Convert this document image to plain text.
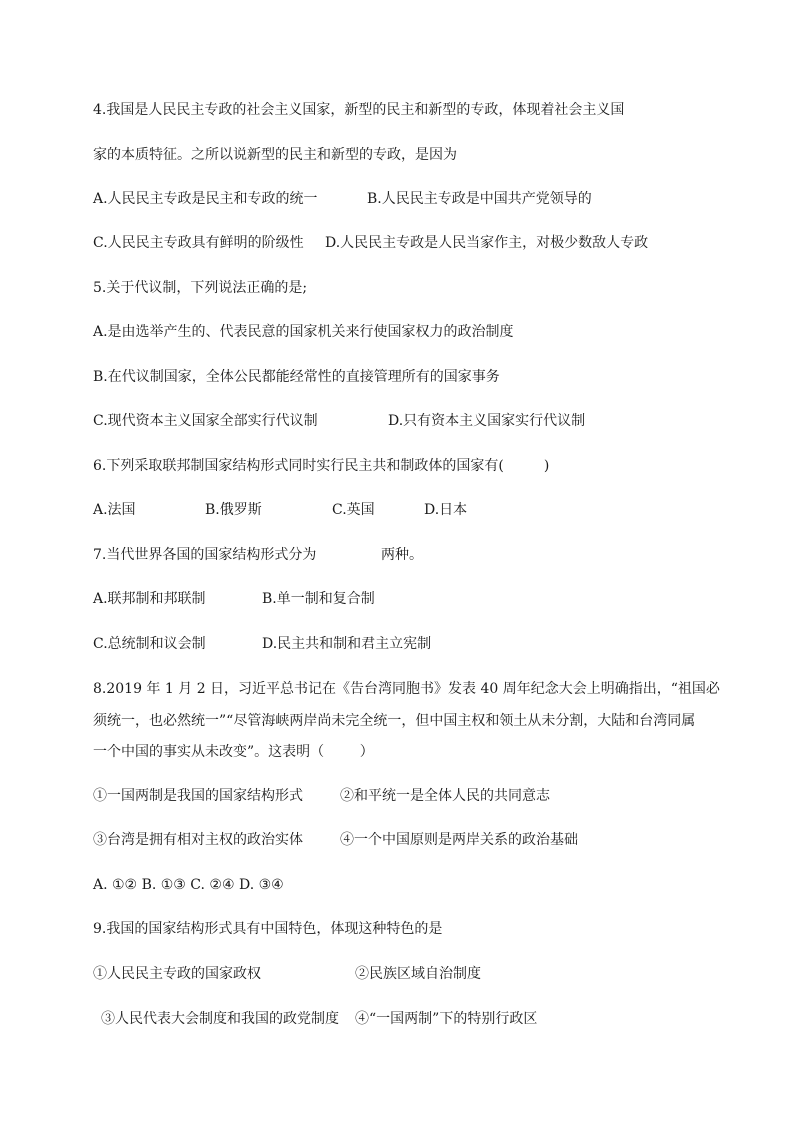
4.我国是人民民主专政的社会主义国家，新型的民主和新型的专政，体现着社会主义国
家的本质特征。之所以说新型的民主和新型的专政，是因为
A.人民民主专政是民主和专政的统一	B.人民民主专政是中国共产党领导的
C.人民民主专政具有鲜明的阶级性 D.人民民主专政是人民当家作主，对极少数敌人专政
5.关于代议制，下列说法正确的是;
A.是由选举产生的、代表民意的国家机关来行使国家权力的政治制度
B.在代议制国家，全体公民都能经常性的直接管理所有的国家事务
C.现代资本主义国家全部实行代议制	D.只有资本主义国家实行代议制
6.下列采取联邦制国家结构形式同时实行民主共和制政体的国家有(         )
A.法国	B.俄罗斯	C.英国	D.日本
7.当代世界各国的国家结构形式分为	两种。
A.联邦制和邦联制	B.单一制和复合制
C.总统制和议会制	D.民主共和制和君主立宪制
8.2019 年 1 月 2 日，习近平总书记在《告台湾同胞书》发表 40 周年纪念大会上明确指出，“祖国必
须统一，也必然统一”“尽管海峡两岸尚未完全统一，但中国主权和领土从未分割，大陆和台湾同属
一个中国的事实从未改变”。这表明（        ）
①一国两制是我国的国家结构形式	②和平统一是全体人民的共同意志
③台湾是拥有相对主权的政治实体	④一个中国原则是两岸关系的政治基础
A. ①② B. ①③ C. ②④ D. ③④
9.我国的国家结构形式具有中国特色，体现这种特色的是
①人民民主专政的国家政权	②民族区域自治制度
③人民代表大会制度和我国的政党制度 ④“一国两制”下的特别行政区
